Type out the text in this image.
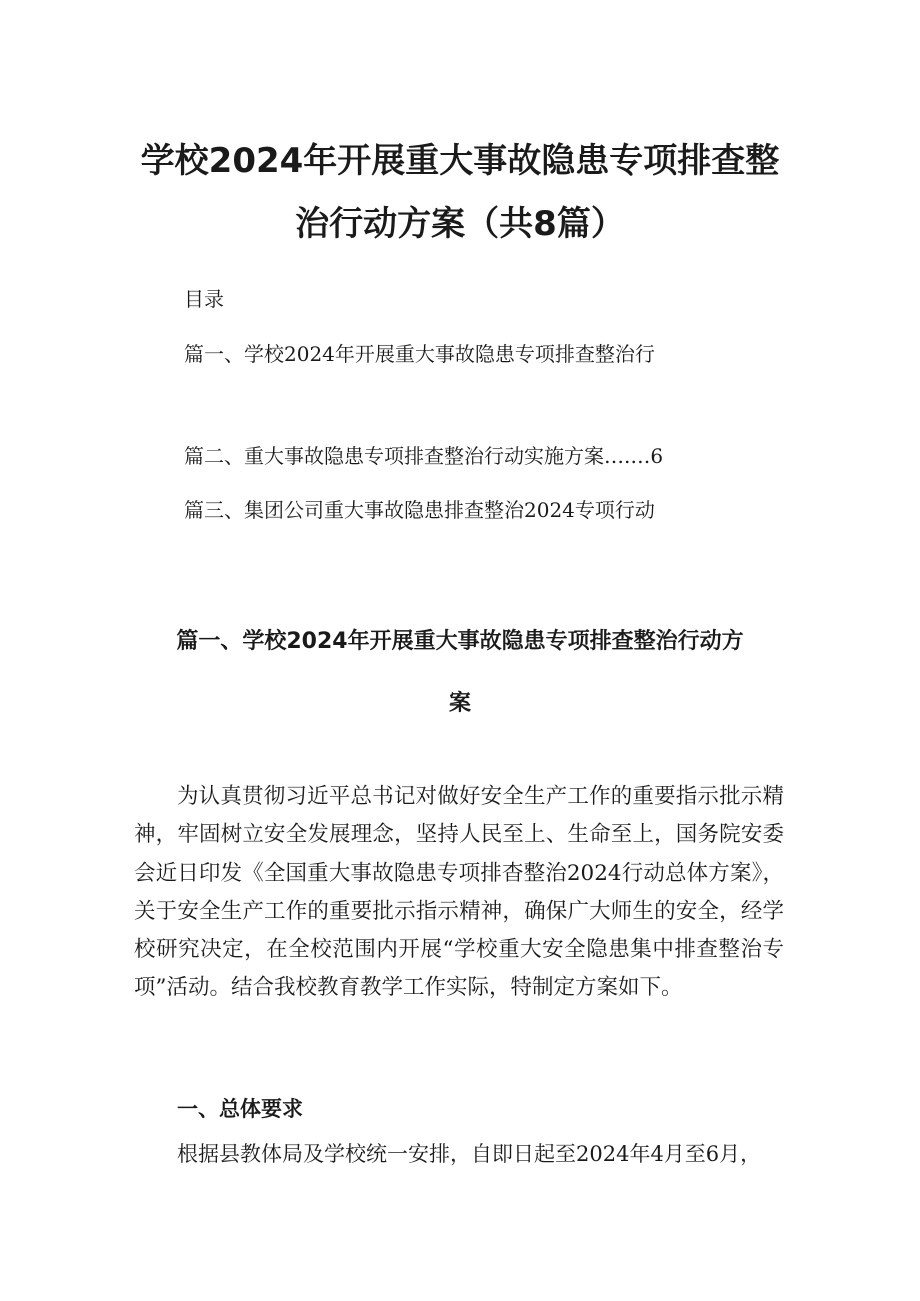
学校2024年开展重大事故隐患专项排查整
治行动方案（共8篇）
目录
篇一、学校2024年开展重大事故隐患专项排查整治行
篇二、重大事故隐患专项排查整治行动实施方案….…6
篇三、集团公司重大事故隐患排查整治2024专项行动
篇一、学校2024年开展重大事故隐患专项排查整治行动方
案
为认真贯彻习近平总书记对做好安全生产工作的重要指示批示精神，牢固树立安全发展理念，坚持人民至上、生命至上，国务院安委会近日印发《全国重大事故隐患专项排杳整治2024行动总体方案》，关于安全生产工作的重要批示指示精神，确保广大师生的安全，经学校研究决定，在全校范围内开展“学校重大安全隐患集中排查整治专项”活动。结合我校教育教学工作实际，特制定方案如下。
一、总体要求
根据县教体局及学校统一安排，自即日起至2024年4月至6月，
